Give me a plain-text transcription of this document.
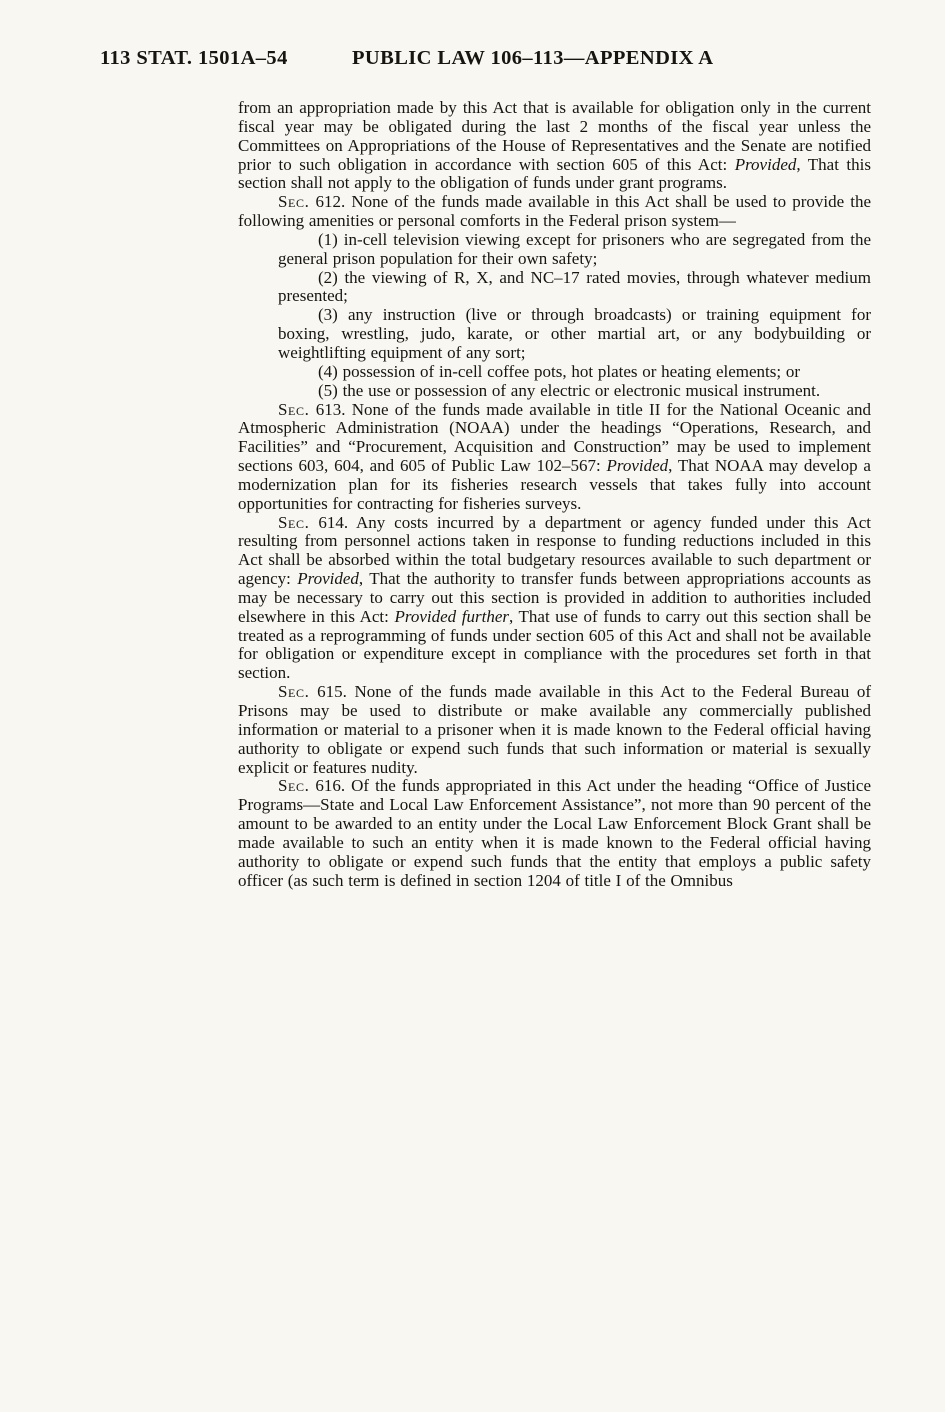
113 STAT. 1501A–54	PUBLIC LAW 106–113—APPENDIX A

from an appropriation made by this Act that is available for obligation only in the current fiscal year may be obligated during the last 2 months of the fiscal year unless the Committees on Appropriations of the House of Representatives and the Senate are notified prior to such obligation in accordance with section 605 of this Act: Provided, That this section shall not apply to the obligation of funds under grant programs.

Sec. 612. None of the funds made available in this Act shall be used to provide the following amenities or personal comforts in the Federal prison system—

(1) in-cell television viewing except for prisoners who are segregated from the general prison population for their own safety;

(2) the viewing of R, X, and NC–17 rated movies, through whatever medium presented;

(3) any instruction (live or through broadcasts) or training equipment for boxing, wrestling, judo, karate, or other martial art, or any bodybuilding or weightlifting equipment of any sort;

(4) possession of in-cell coffee pots, hot plates or heating elements; or

(5) the use or possession of any electric or electronic musical instrument.

Sec. 613. None of the funds made available in title II for the National Oceanic and Atmospheric Administration (NOAA) under the headings “Operations, Research, and Facilities” and “Procurement, Acquisition and Construction” may be used to implement sections 603, 604, and 605 of Public Law 102–567: Provided, That NOAA may develop a modernization plan for its fisheries research vessels that takes fully into account opportunities for contracting for fisheries surveys.

Sec. 614. Any costs incurred by a department or agency funded under this Act resulting from personnel actions taken in response to funding reductions included in this Act shall be absorbed within the total budgetary resources available to such department or agency: Provided, That the authority to transfer funds between appropriations accounts as may be necessary to carry out this section is provided in addition to authorities included elsewhere in this Act: Provided further, That use of funds to carry out this section shall be treated as a reprogramming of funds under section 605 of this Act and shall not be available for obligation or expenditure except in compliance with the procedures set forth in that section.

Sec. 615. None of the funds made available in this Act to the Federal Bureau of Prisons may be used to distribute or make available any commercially published information or material to a prisoner when it is made known to the Federal official having authority to obligate or expend such funds that such information or material is sexually explicit or features nudity.

Sec. 616. Of the funds appropriated in this Act under the heading “Office of Justice Programs—State and Local Law Enforcement Assistance”, not more than 90 percent of the amount to be awarded to an entity under the Local Law Enforcement Block Grant shall be made available to such an entity when it is made known to the Federal official having authority to obligate or expend such funds that the entity that employs a public safety officer (as such term is defined in section 1204 of title I of the Omnibus
